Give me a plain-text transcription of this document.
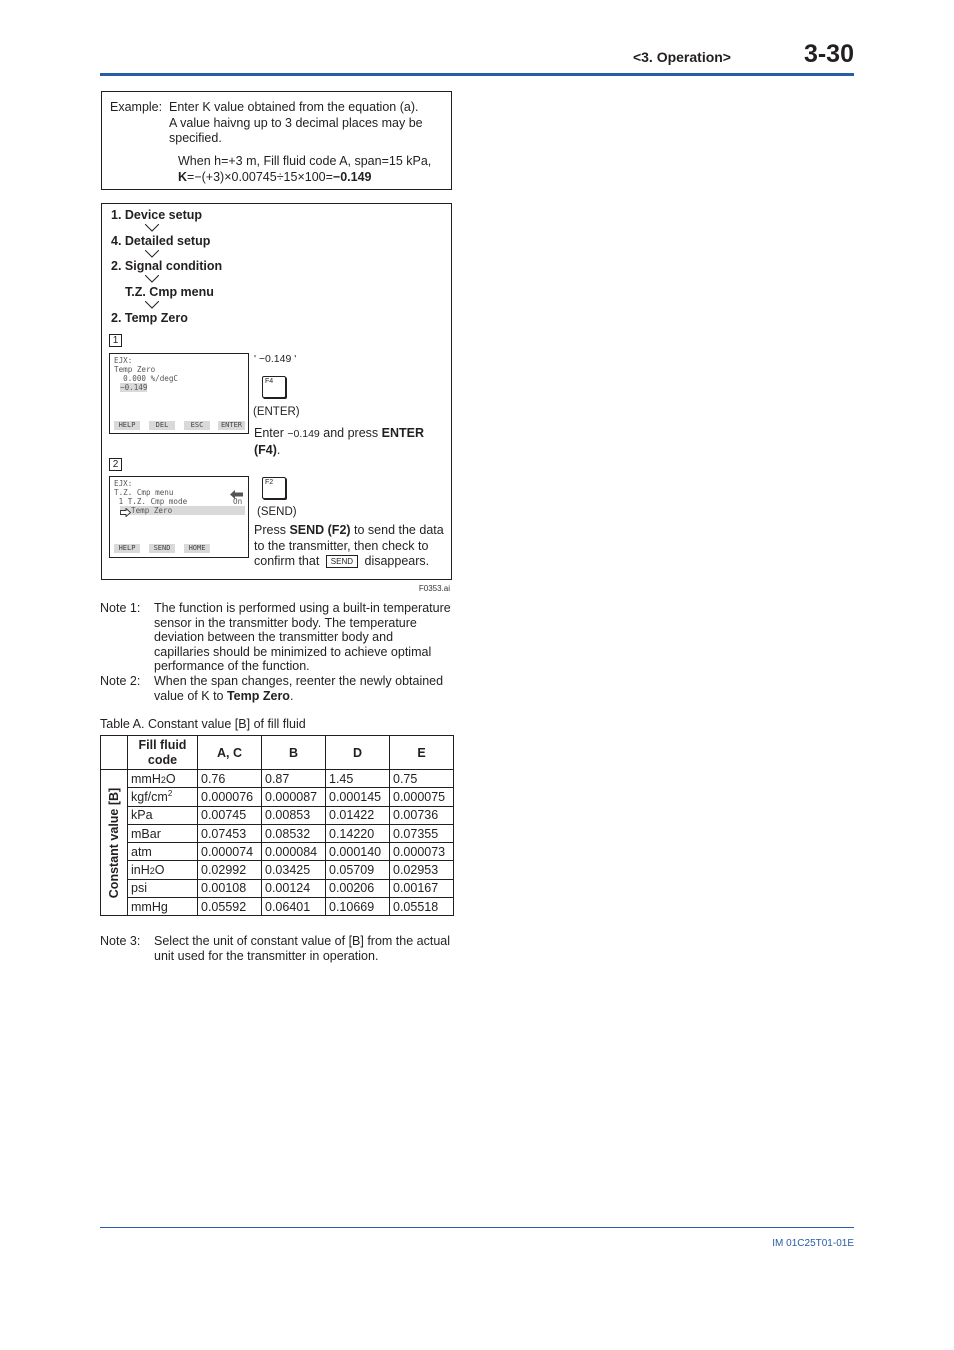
<3. Operation>	3-30
Example: Enter K value obtained from the equation (a).
A value haivng up to 3 decimal places may be specified.
When h=+3 m, Fill fluid code A, span=15 kPa,
K=−(+3)×0.00745÷15×100=−0.149
1. Device setup
4. Detailed setup
2. Signal condition
T.Z. Cmp menu
2. Temp Zero
1
EJX:
Temp Zero
0.000 %/degC
−0.149
HELP	DEL	ESC	ENTER
' −0.149 '
F4
(ENTER)
Enter −0.149 and press ENTER (F4).
2
EJX:
T.Z. Cmp menu
1 T.Z. Cmp mode	On
Temp Zero
HELP	SEND	HOME
F2
(SEND)
Press SEND (F2) to send the data to the transmitter, then check to confirm that SEND disappears.
F0353.ai
Note 1: The function is performed using a built-in temperature sensor in the transmitter body. The temperature deviation between the transmitter body and capillaries should be minimized to achieve optimal performance of the function.
Note 2: When the span changes, reenter the newly obtained value of K to Temp Zero.
Table A. Constant value [B] of fill fluid
	Fill fluid code	A, C	B	D	E

Constant value [B]	mmH2O	0.76	0.87	1.45	0.75
	kgf/$cm^2$	0.000076	0.000087	0.000145	0.000075
	kPa	0.00745	0.00853	0.01422	0.00736
	mBar	0.07453	0.08532	0.14220	0.07355
	atm	0.000074	0.000084	0.000140	0.000073
	inH2O	0.02992	0.03425	0.05709	0.02953
	psi	0.00108	0.00124	0.00206	0.00167
	mmHg	0.05592	0.06401	0.10669	0.05518
Note 3: Select the unit of constant value of [B] from the actual unit used for the transmitter in operation.
IM 01C25T01-01E
